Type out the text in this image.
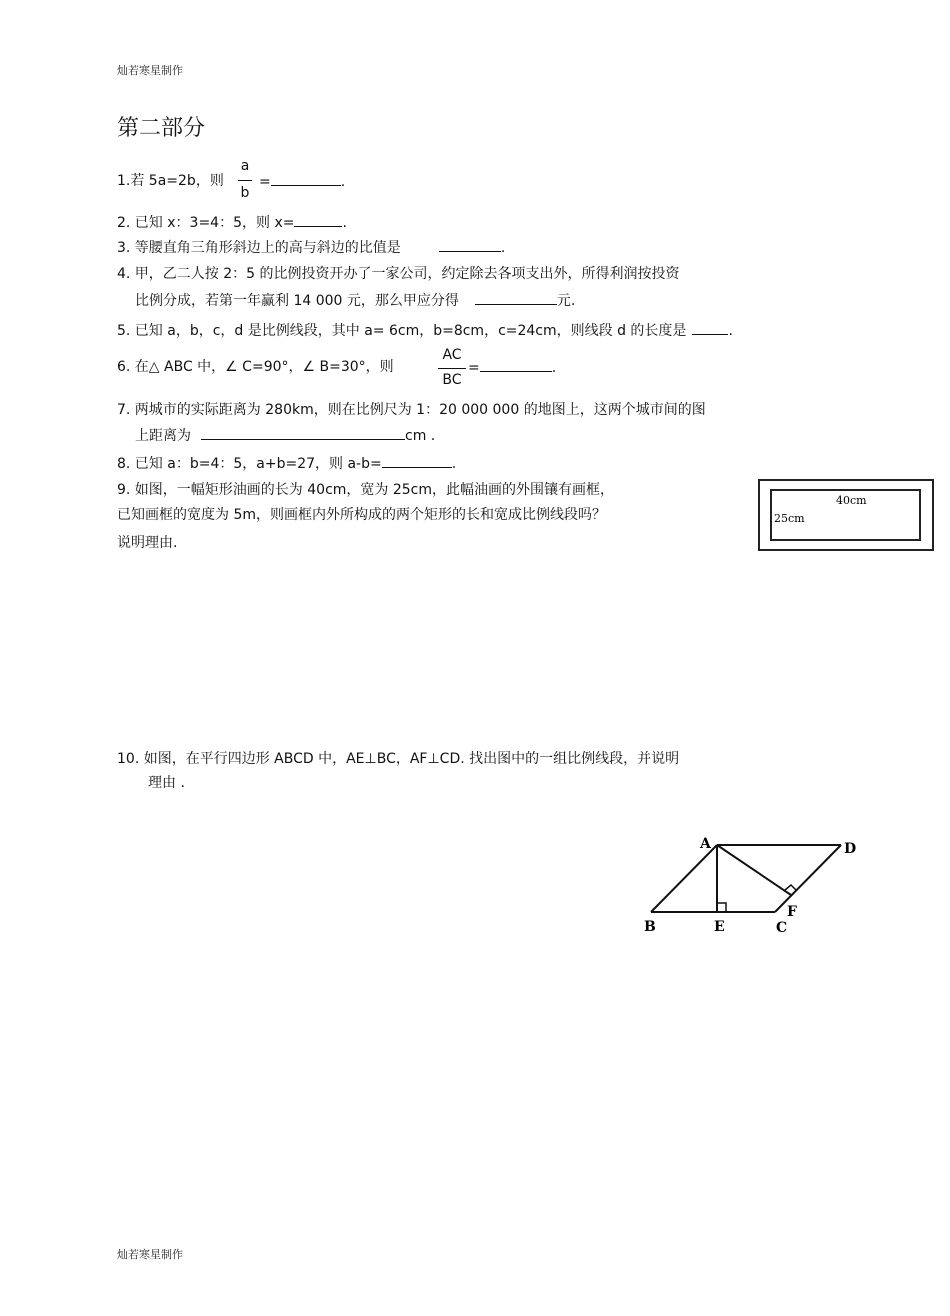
灿若寒星制作
第二部分
1.若 5a=2b，则
a
b
=	.
2. 已知 x：3=4：5，则 x=	.
3. 等腰直角三角形斜边上的高与斜边的比值是	.
4. 甲，乙二人按 2：5 的比例投资开办了一家公司，约定除去各项支出外，所得利润按投资
比例分成，若第一年赢利 14 000 元，那么甲应分得	元.
5. 已知 a，b，c，d 是比例线段，其中 a= 6cm，b=8cm，c=24cm，则线段 d 的长度是	.
6. 在△ ABC 中，∠ C=90°，∠ B=30°，则
AC
BC
=	.
7. 两城市的实际距离为 280km，则在比例尺为 1：20 000 000 的地图上，这两个城市间的图
上距离为	cm .
8. 已知 a：b=4：5，a+b=27，则 a-b=	.
9. 如图，一幅矩形油画的长为 40cm，宽为 25cm，此幅油画的外围镶有画框，
已知画框的宽度为 5m，则画框内外所构成的两个矩形的长和宽成比例线段吗？
说明理由.
40cm
25cm
10. 如图，在平行四边形 ABCD 中，AE⊥BC，AF⊥CD. 找出图中的一组比例线段，并说明
理由 .
A	D
B	E	C
F
灿若寒星制作
